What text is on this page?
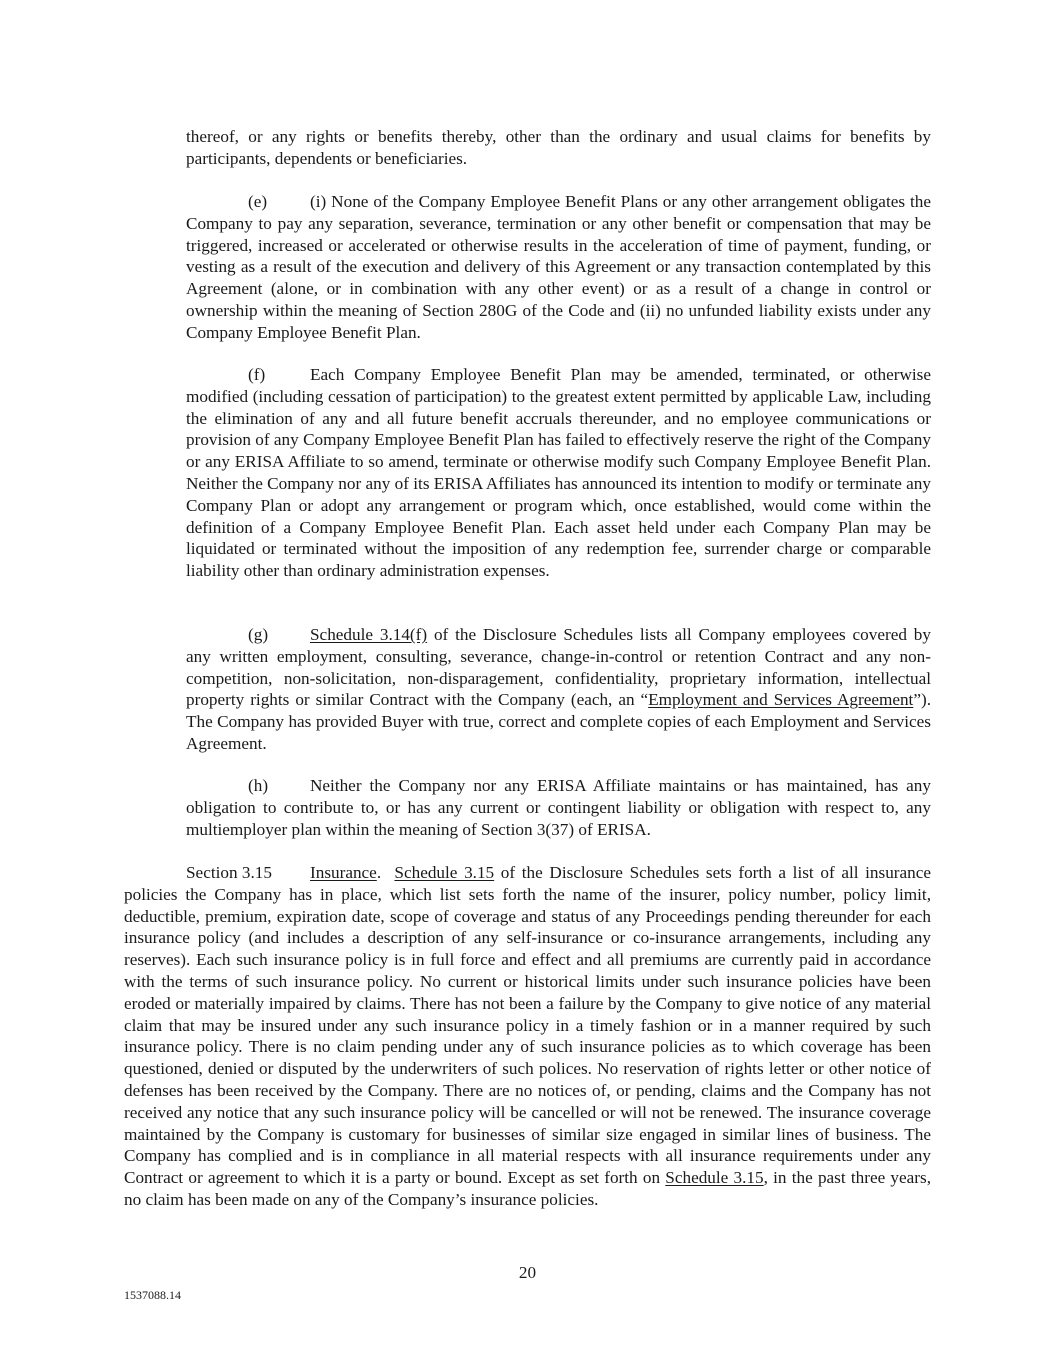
thereof, or any rights or benefits thereby, other than the ordinary and usual claims for benefits by participants, dependents or beneficiaries.

(e) (i) None of the Company Employee Benefit Plans or any other arrangement obligates the Company to pay any separation, severance, termination or any other benefit or compensation that may be triggered, increased or accelerated or otherwise results in the acceleration of time of payment, funding, or vesting as a result of the execution and delivery of this Agreement or any transaction contemplated by this Agreement (alone, or in combination with any other event) or as a result of a change in control or ownership within the meaning of Section 280G of the Code and (ii) no unfunded liability exists under any Company Employee Benefit Plan.

(f)	Each Company Employee Benefit Plan may be amended, terminated, or otherwise modified (including cessation of participation) to the greatest extent permitted by applicable Law, including the elimination of any and all future benefit accruals thereunder, and no employee communications or provision of any Company Employee Benefit Plan has failed to effectively reserve the right of the Company or any ERISA Affiliate to so amend, terminate or otherwise modify such Company Employee Benefit Plan. Neither the Company nor any of its ERISA Affiliates has announced its intention to modify or terminate any Company Plan or adopt any arrangement or program which, once established, would come within the definition of a Company Employee Benefit Plan. Each asset held under each Company Plan may be liquidated or terminated without the imposition of any redemption fee, surrender charge or comparable liability other than ordinary administration expenses.

(g) Schedule 3.14(f) of the Disclosure Schedules lists all Company employees covered by any written employment, consulting, severance, change-in-control or retention Contract and any non-competition, non-solicitation, non-disparagement, confidentiality, proprietary information, intellectual property rights or similar Contract with the Company (each, an “Employment and Services Agreement”). The Company has provided Buyer with true, correct and complete copies of each Employment and Services Agreement.

(h) Neither the Company nor any ERISA Affiliate maintains or has maintained, has any obligation to contribute to, or has any current or contingent liability or obligation with respect to, any multiemployer plan within the meaning of Section 3(37) of ERISA.

Section 3.15 Insurance.  Schedule 3.15 of the Disclosure Schedules sets forth a list of all insurance policies the Company has in place, which list sets forth the name of the insurer, policy number, policy limit, deductible, premium, expiration date, scope of coverage and status of any Proceedings pending thereunder for each insurance policy (and includes a description of any self-insurance or co-insurance arrangements, including any reserves). Each such insurance policy is in full force and effect and all premiums are currently paid in accordance with the terms of such insurance policy. No current or historical limits under such insurance policies have been eroded or materially impaired by claims. There has not been a failure by the Company to give notice of any material claim that may be insured under any such insurance policy in a timely fashion or in a manner required by such insurance policy. There is no claim pending under any of such insurance policies as to which coverage has been questioned, denied or disputed by the underwriters of such polices. No reservation of rights letter or other notice of defenses has been received by the Company. There are no notices of, or pending, claims and the Company has not received any notice that any such insurance policy will be cancelled or will not be renewed. The insurance coverage maintained by the Company is customary for businesses of similar size engaged in similar lines of business. The Company has complied and is in compliance in all material respects with all insurance requirements under any Contract or agreement to which it is a party or bound. Except as set forth on Schedule 3.15, in the past three years, no claim has been made on any of the Company’s insurance policies.

20

1537088.14
